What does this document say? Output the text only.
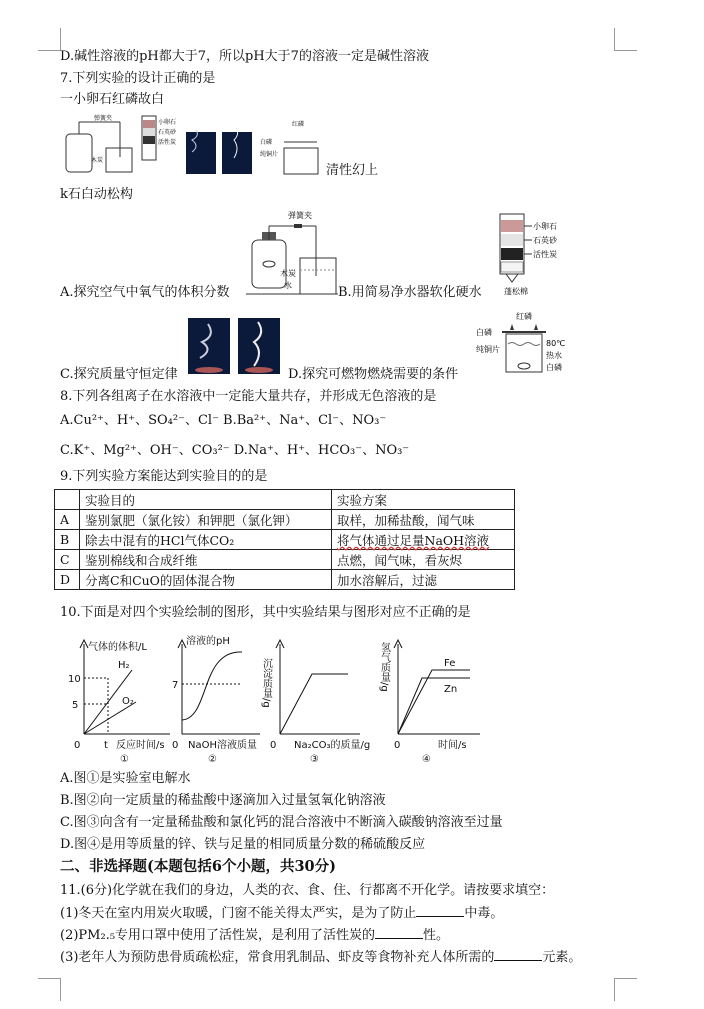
D.碱性溶液的pH都大于7，所以pH大于7的溶液一定是碱性溶液
7.下列实验的设计正确的是
一小卵石红磷故白
弹簧夹
木炭
小卵石
石英砂
活性炭	白磷
纯铜片
红磷
清性幻上
k石白动松构
弹簧夹
木炭
水
A.探究空气中氧气的体积分数	B.用简易净水器软化硬水
小卵石
石英砂
活性炭
蓬松棉
C.探究质量守恒定律	D.探究可燃物燃烧需要的条件
红磷
白磷
纯铜片
80℃
热水
白磷
8.下列各组离子在水溶液中一定能大量共存，并形成无色溶液的是
A.Cu²⁺、H⁺、SO₄²⁻、Cl⁻ B.Ba²⁺、Na⁺、Cl⁻、NO₃⁻
C.K⁺、Mg²⁺、OH⁻、CO₃²⁻ D.Na⁺、H⁺、HCO₃⁻、NO₃⁻
9.下列实验方案能达到实验目的的是
	实验目的	实验方案
A	鉴别氯肥（氯化铵）和钾肥（氯化钾）	取样，加稀盐酸，闻气味
B	除去中混有的HCl气体CO₂	将气体通过足量NaOH溶液
C	鉴别棉线和合成纤维	点燃，闻气味，看灰烬
D	分离C和CuO的固体混合物	加水溶解后，过滤
10.下面是对四个实验绘制的图形，其中实验结果与图形对应不正确的是
气体的体积/L
10
5
H₂
O₂
0 t 反应时间/s
①
溶液的pH
7
0 NaOH溶液质量
②
沉淀质量/g
0 Na₂CO₃的质量/g
③
氢气质量/g	Fe
Zn
0	时间/s
④
A.图①是实验室电解水
B.图②向一定质量的稀盐酸中逐滴加入过量氢氧化钠溶液
C.图③向含有一定量稀盐酸和氯化钙的混合溶液中不断滴入碳酸钠溶液至过量
D.图④是用等质量的锌、铁与足量的相同质量分数的稀硫酸反应
二、非选择题(本题包括6个小题，共30分)
11.(6分)化学就在我们的身边，人类的衣、食、住、行都离不开化学。请按要求填空：
(1)冬天在室内用炭火取暖，门窗不能关得太严实，是为了防止	中毒。
(2)PM₂.₅专用口罩中使用了活性炭，是利用了活性炭的	性。
(3)老年人为预防患骨质疏松症，常食用乳制品、虾皮等食物补充人体所需的	元素。
